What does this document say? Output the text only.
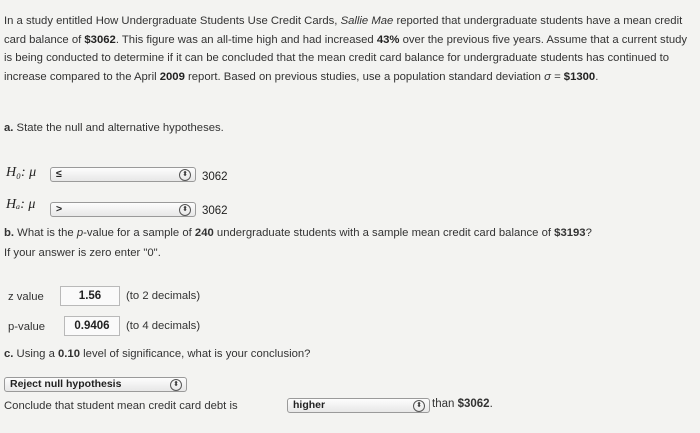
In a study entitled How Undergraduate Students Use Credit Cards, Sallie Mae reported that undergraduate students have a mean credit card balance of $3062. This figure was an all-time high and had increased 43% over the previous five years. Assume that a current study is being conducted to determine if it can be concluded that the mean credit card balance for undergraduate students has continued to increase compared to the April 2009 report. Based on previous studies, use a population standard deviation σ = $1300.
a. State the null and alternative hypotheses.
H₀: μ	≤	⬍ 3062
Hₐ: μ	>	⬍ 3062
b. What is the p-value for a sample of 240 undergraduate students with a sample mean credit card balance of $3193?
If your answer is zero enter "0".
z value	1.56	(to 2 decimals)
p-value	0.9406	(to 4 decimals)
c. Using a 0.10 level of significance, what is your conclusion?
Reject null hypothesis	⬍
Conclude that student mean credit card debt is	higher	⬍ than $3062.
